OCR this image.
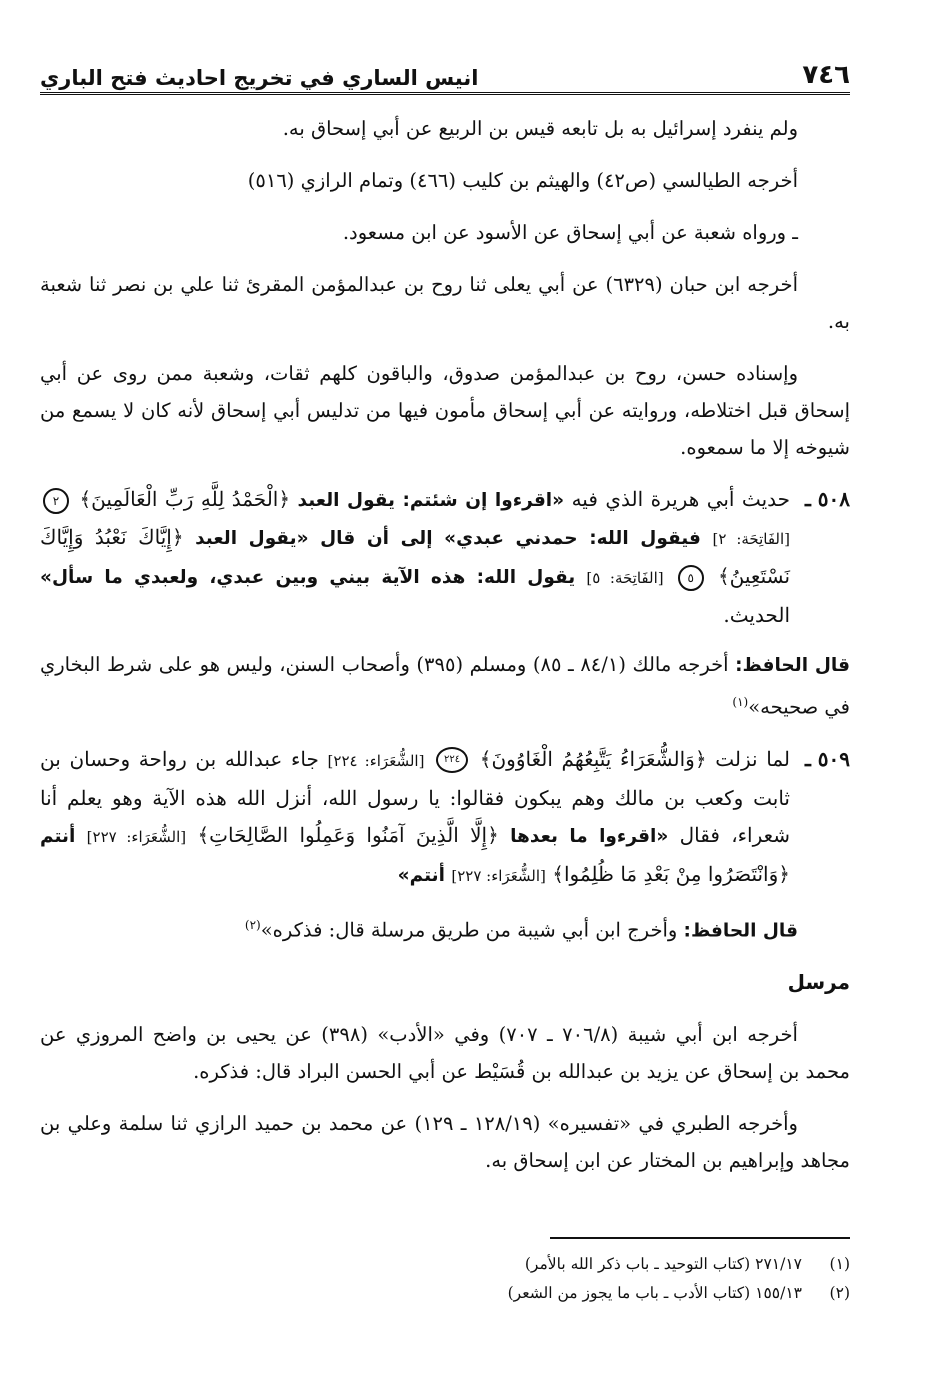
٧٤٦
انيس الساري في تخريج احاديث فتح الباري

ولم ينفرد إسرائيل به بل تابعه قيس بن الربيع عن أبي إسحاق به.

أخرجه الطيالسي (ص٤٢) والهيثم بن كليب (٤٦٦) وتمام الرازي (٥١٦)

ـ ورواه شعبة عن أبي إسحاق عن الأسود عن ابن مسعود.

أخرجه ابن حبان (٦٣٢٩) عن أبي يعلى ثنا روح بن عبدالمؤمن المقرئ ثنا علي بن نصر ثنا شعبة به.

وإسناده حسن، روح بن عبدالمؤمن صدوق، والباقون كلهم ثقات، وشعبة ممن روى عن أبي إسحاق قبل اختلاطه، وروايته عن أبي إسحاق مأمون فيها من تدليس أبي إسحاق لأنه كان لا يسمع من شيوخه إلا ما سمعوه.

٥٠٨ ـ
حديث أبي هريرة الذي فيه «اقرءوا إن شئتم: يقول العبد ﴿الْحَمْدُ لِلَّهِ رَبِّ الْعَالَمِينَ﴾ ٢ [الفَاتِحَة: ٢] فيقول الله: حمدني عبدي» إلى أن قال «يقول العبد ﴿إِيَّاكَ نَعْبُدُ وَإِيَّاكَ نَسْتَعِينُ﴾ ٥ [الفَاتِحَة: ٥] يقول الله: هذه الآية بيني وبين عبدي، ولعبدي ما سأل» الحديث.

قال الحافظ: أخرجه مالك (٨٤/١ ـ ٨٥) ومسلم (٣٩٥) وأصحاب السنن، وليس هو على شرط البخاري في صحيحه»$^{(١)}$

٥٠٩ ـ
لما نزلت ﴿وَالشُّعَرَاءُ يَتَّبِعُهُمُ الْغَاوُونَ﴾ ٢٢٤ [الشُّعَرَاء: ٢٢٤] جاء عبدالله بن رواحة وحسان بن ثابت وكعب بن مالك وهم يبكون فقالوا: يا رسول الله، أنزل الله هذه الآية وهو يعلم أنا شعراء، فقال «اقرءوا ما بعدها ﴿إِلَّا الَّذِينَ آمَنُوا وَعَمِلُوا الصَّالِحَاتِ﴾ [الشُّعَرَاء: ٢٢٧] أنتم ﴿وَانْتَصَرُوا مِنْ بَعْدِ مَا ظُلِمُوا﴾ [الشُّعَرَاء: ٢٢٧] أنتم»

قال الحافظ: وأخرج ابن أبي شيبة من طريق مرسلة قال: فذكره»$^{(٢)}$

مرسل

أخرجه ابن أبي شيبة (٧٠٦/٨ ـ ٧٠٧) وفي «الأدب» (٣٩٨) عن يحيى بن واضح المروزي عن محمد بن إسحاق عن يزيد بن عبدالله بن قُسَيْط عن أبي الحسن البراد قال: فذكره.

وأخرجه الطبري في «تفسيره» (١٢٨/١٩ ـ ١٢٩) عن محمد بن حميد الرازي ثنا سلمة وعلي بن مجاهد وإبراهيم بن المختار عن ابن إسحاق به.

(١)
٢٧١/١٧ (كتاب التوحيد ـ باب ذكر الله بالأمر)
(٢)
١٥٥/١٣ (كتاب الأدب ـ باب ما يجوز من الشعر)
